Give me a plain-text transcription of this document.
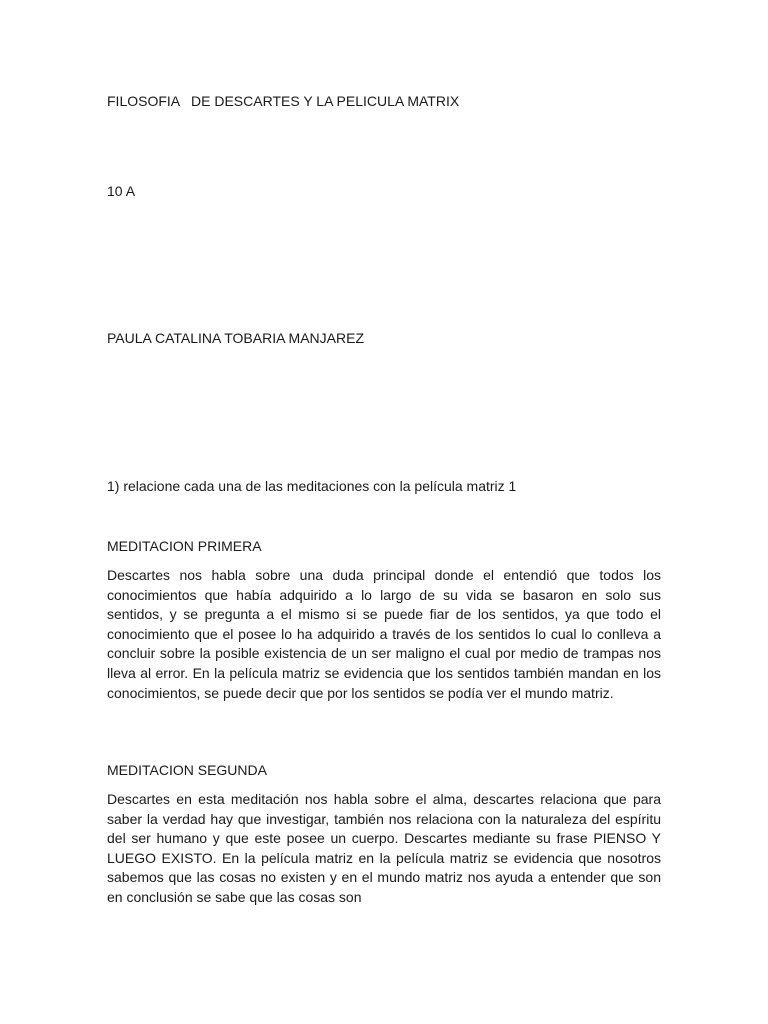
FILOSOFIA   DE DESCARTES Y LA PELICULA MATRIX

10 A

PAULA CATALINA TOBARIA MANJAREZ

1) relacione cada una de las meditaciones con la película matriz 1

MEDITACION PRIMERA

Descartes nos habla sobre una duda principal donde el entendió que todos los conocimientos que había adquirido a lo largo de su vida se basaron en solo sus sentidos, y se pregunta a el mismo si se puede fiar de los sentidos, ya que todo el conocimiento que el posee lo ha adquirido a través de los sentidos lo cual lo conlleva a concluir sobre la posible existencia de un ser maligno el cual por medio de trampas nos lleva al error. En la película matriz se evidencia que los sentidos también mandan en los conocimientos, se puede decir que por los sentidos se podía ver el mundo matriz.

MEDITACION SEGUNDA

Descartes en esta meditación nos habla sobre el alma, descartes relaciona que para saber la verdad hay que investigar, también nos relaciona con la naturaleza del espíritu del ser humano y que este posee un cuerpo. Descartes mediante su frase PIENSO Y LUEGO EXISTO. En la película matriz en la película matriz se evidencia que nosotros sabemos que las cosas no existen y en el mundo matriz nos ayuda a entender que son en conclusión se sabe que las cosas son
